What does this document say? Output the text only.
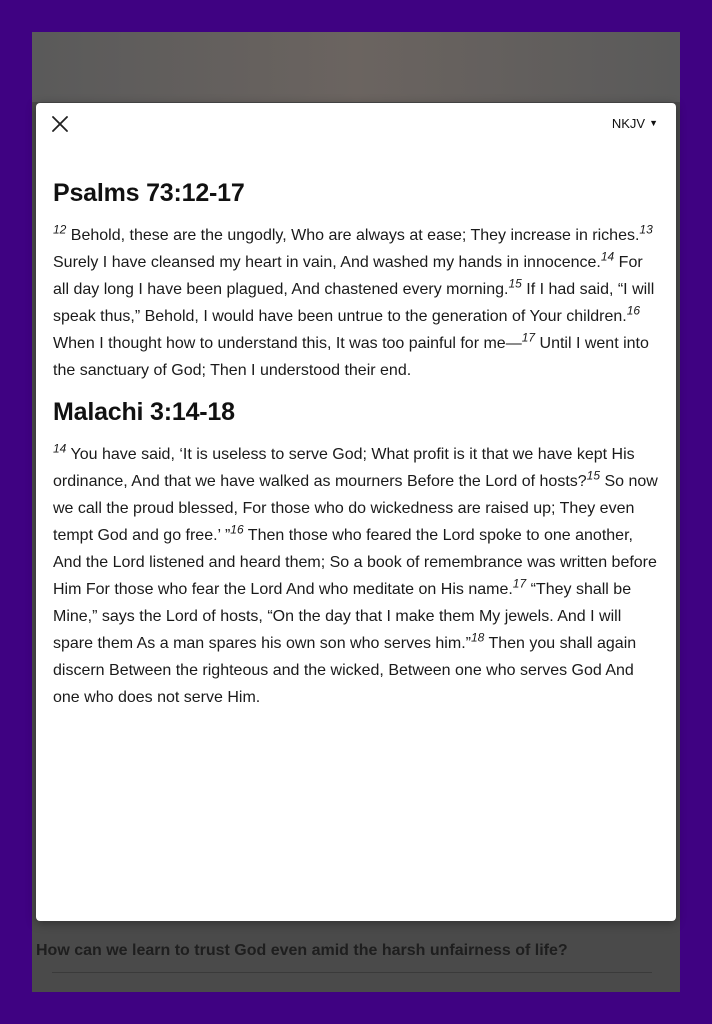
How can we learn to trust God even amid the harsh unfairness of life?
NKJV ▼
Psalms 73:12-17

$^{12}$ Behold, these are the ungodly, Who are always at ease; They increase in riches.$^{13}$ Surely I have cleansed my heart in vain, And washed my hands in innocence.$^{14}$ For all day long I have been plagued, And chastened every morning.$^{15}$ If I had said, “I will speak thus,” Behold, I would have been untrue to the generation of Your children.$^{16}$ When I thought how to understand this, It was too painful for me—$^{17}$ Until I went into the sanctuary of God; Then I understood their end.

Malachi 3:14-18

$^{14}$ You have said, ‘It is useless to serve God; What profit is it that we have kept His ordinance, And that we have walked as mourners Before the Lord of hosts?$^{15}$ So now we call the proud blessed, For those who do wickedness are raised up; They even tempt God and go free.’ ”$^{16}$ Then those who feared the Lord spoke to one another, And the Lord listened and heard them; So a book of remembrance was written before Him For those who fear the Lord And who meditate on His name.$^{17}$ “They shall be Mine,” says the Lord of hosts, “On the day that I make them My jewels. And I will spare them As a man spares his own son who serves him.”$^{18}$ Then you shall again discern Between the righteous and the wicked, Between one who serves God And one who does not serve Him.
